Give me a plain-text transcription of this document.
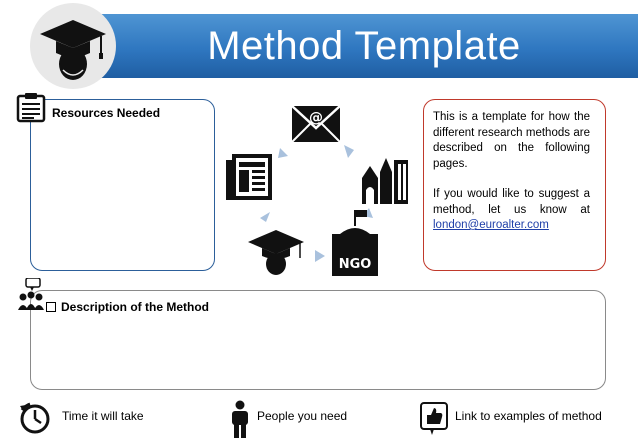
Method Template
Resources Needed	@
NGO

This is a template for how the different research methods are described on the following pages.

If you would like to suggest a method, let us know at london@euroalter.com

Description of the Method
Time it will take	People you need	Link to examples of method
